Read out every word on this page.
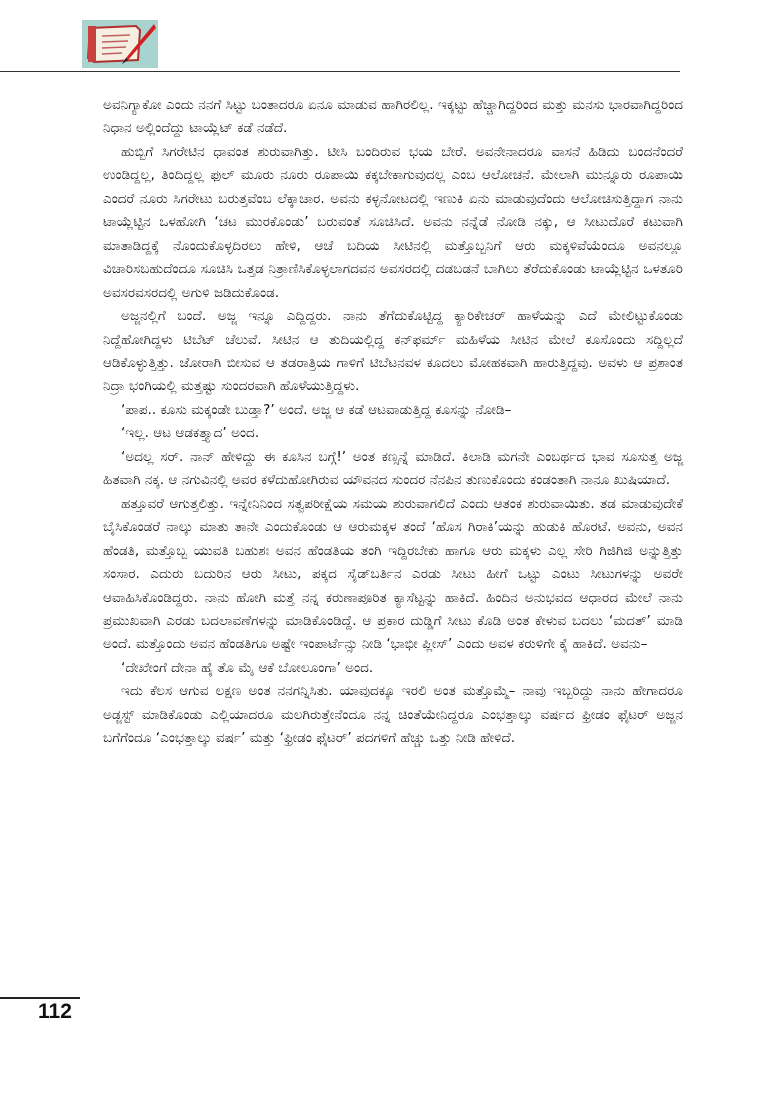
ಅವನಿಗ್ಯಾಕೋ ಎಂದು ನನಗೆ ಸಿಟ್ಟು ಬಂತಾದರೂ ಏನೂ ಮಾಡುವ ಹಾಗಿರಲಿಲ್ಲ. ಇಕ್ಕಟ್ಟು ಹೆಚ್ಚಾಗಿದ್ದರಿಂದ ಮತ್ತು ಮನಸು ಭಾರವಾಗಿದ್ದರಿಂದ ನಿಧಾನ ಅಲ್ಲಿಂದೆದ್ದು ಟಾಯ್ಲೆಟ್ ಕಡೆ ನಡೆದೆ.

ಹುಬ್ಬಿಗೆ ಸಿಗರೇಟಿನ ಧಾವಂತ ಶುರುವಾಗಿತ್ತು. ಟೀಸಿ ಬಂದಿರುವ ಭಯ ಬೇರೆ. ಅವನೇನಾದರೂ ವಾಸನೆ ಹಿಡಿದು ಬಂದನೆಂದರೆ ಉಂಡಿದ್ದಲ್ಲ, ತಿಂದಿದ್ದಲ್ಲ ಫುಲ್ ಮೂರು ನೂರು ರೂಪಾಯಿ ಕಕ್ಕಬೇಕಾಗುವುದಲ್ಲ ಎಂಬ ಆಲೋಚನೆ. ಮೇಲಾಗಿ ಮುನ್ನೂರು ರೂಪಾಯಿ ಎಂದರೆ ನೂರು ಸಿಗರೇಟು ಬರುತ್ತವೆಂಬ ಲೆಕ್ಕಾಚಾರ. ಅವನು ಕಳ್ಳನೋಟದಲ್ಲಿ ಇಣುಕಿ ಏನು ಮಾಡುವುದೆಂದು ಆಲೋಚಿಸುತ್ತಿದ್ದಾಗ ನಾನು ಟಾಯ್ಲೆಟ್ಟಿನ ಒಳಹೋಗಿ ‘ಚಟ ಮುರಕೊಂಡು’ ಬರುವಂತೆ ಸೂಚಿಸಿದೆ. ಅವನು ನನ್ನೆಡೆ ನೋಡಿ ನಕ್ಕು, ಆ ಸೀಟುದೊರೆ ಕಟುವಾಗಿ ಮಾತಾಡಿದ್ದಕ್ಕೆ ನೊಂದುಕೊಳ್ಳದಿರಲು ಹೇಳಿ, ಆಚೆ ಬದಿಯ ಸೀಟಿನಲ್ಲಿ ಮತ್ತೊಬ್ಬನಿಗೆ ಆರು ಮಕ್ಕಳಿವೆಯೆಂದೂ ಅವನಲ್ಲೂ ವಿಚಾರಿಸಬಹುದೆಂದೂ ಸೂಚಿಸಿ ಒತ್ತಡ ನಿತ್ರಾಣಿಸಿಕೊಳ್ಳಲಾಗದವನ ಅವಸರದಲ್ಲಿ ದಡಬಡನೆ ಬಾಗಿಲು ತೆರೆದುಕೊಂಡು ಟಾಯ್ಲೆಟ್ಟಿನ ಒಳತೂರಿ ಅವಸರವಸರದಲ್ಲಿ ಅಗುಳಿ ಜಡಿದುಕೊಂಡ.

ಅಜ್ಜನಲ್ಲಿಗೆ ಬಂದೆ. ಅಜ್ಜ ಇನ್ನೂ ಎದ್ದಿದ್ದರು. ನಾನು ತೆಗೆದುಕೊಟ್ಟಿದ್ದ ಕ್ಯಾರಿಕೇಚರ್ ಹಾಳೆಯನ್ನು ಎದೆ ಮೇಲಿಟ್ಟುಕೊಂಡು ನಿದ್ದೆಹೋಗಿದ್ದಳು ಟಿಬೆಟ್ ಚೆಲುವೆ. ಸೀಟಿನ ಆ ತುದಿಯಲ್ಲಿದ್ದ ಕನ್‌ಫರ್ಮ್ ಮಹಿಳೆಯ ಸೀಟಿನ ಮೇಲೆ ಕೂಸೊಂದು ಸದ್ದಿಲ್ಲದೆ ಆಡಿಕೊಳ್ಳುತ್ತಿತ್ತು. ಜೋರಾಗಿ ಬೀಸುವ ಆ ತಡರಾತ್ರಿಯ ಗಾಳಿಗೆ ಟಿಬೆಟನವಳ ಕೂದಲು ಮೋಹಕವಾಗಿ ಹಾರುತ್ತಿದ್ದವು. ಅವಳು ಆ ಪ್ರಶಾಂತ ನಿದ್ರಾ ಭಂಗಿಯಲ್ಲಿ ಮತ್ತಷ್ಟು ಸುಂದರವಾಗಿ ಹೊಳೆಯುತ್ತಿದ್ದಳು.

‘ಪಾಪ.. ಕೂಸು ಮಕ್ಕಂಡೇ ಬುಡ್ತಾ?’ ಅಂದೆ. ಅಜ್ಜ ಆ ಕಡೆ ಆಟವಾಡುತ್ತಿದ್ದ ಕೂಸನ್ನು ನೋಡಿ–

‘ಇಲ್ಲ. ಆಟ ಆಡಕತ್ತ್ಯಾದ’ ಅಂದ.

‘ಅದಲ್ಲ ಸರ್. ನಾನ್ ಹೇಳಿದ್ದು ಈ ಕೂಸಿನ ಬಗ್ಗೆ!’ ಅಂತ ಕಣ್ಸನ್ನೆ ಮಾಡಿದೆ. ಕಿಲಾಡಿ ಮಗನೇ ಎಂಬರ್ಥದ ಭಾವ ಸೂಸುತ್ತ ಅಜ್ಜ ಹಿತವಾಗಿ ನಕ್ಕ. ಆ ನಗುವಿನಲ್ಲಿ ಅವರ ಕಳೆದುಹೋಗಿರುವ ಯೌವನದ ಸುಂದರ ನೆನಪಿನ ತುಣುಕೊಂದು ಕಂಡಂತಾಗಿ ನಾನೂ ಖುಷಿಯಾದೆ.

ಹತ್ತೂವರೆ ಆಗುತ್ತಲಿತ್ತು. ಇನ್ನೇನಿನಿಂದ ಸತ್ವಪರೀಕ್ಷೆಯ ಸಮಯ ಶುರುವಾಗಲಿದೆ ಎಂದು ಆತಂಕ ಶುರುವಾಯಿತು. ತಡ ಮಾಡುವುದೇಕೆ ಬೈಸಿಕೊಂಡರೆ ನಾಲ್ಕು ಮಾತು ತಾನೇ ಎಂದುಕೊಂಡು ಆ ಆರುಮಕ್ಕಳ ತಂದೆ ‘ಹೊಸ ಗಿರಾಕಿ’ಯನ್ನು ಹುಡುಕಿ ಹೊರಟೆ. ಅವನು, ಅವನ ಹೆಂಡತಿ, ಮತ್ತೊಬ್ಬ ಯುವತಿ ಬಹುಶಃ ಅವನ ಹೆಂಡತಿಯ ತಂಗಿ ಇದ್ದಿರಬೇಕು ಹಾಗೂ ಆರು ಮಕ್ಕಳು ಎಲ್ಲ ಸೇರಿ ಗಿಜಿಗಿಜಿ ಅನ್ನುತ್ತಿತ್ತು ಸಂಸಾರ. ಎದುರು ಬದುರಿನ ಆರು ಸೀಟು, ಪಕ್ಕದ ಸೈಡ್‌ಬರ್ತಿನ ಎರಡು ಸೀಟು ಹೀಗೆ ಒಟ್ಟು ಎಂಟು ಸೀಟುಗಳನ್ನು ಅವರೇ ಆವಾಹಿಸಿಕೊಂಡಿದ್ದರು. ನಾನು ಹೋಗಿ ಮತ್ತೆ ನನ್ನ ಕರುಣಾಪೂರಿತ ಕ್ಯಾಸೆಟ್ಟನ್ನು ಹಾಕಿದೆ. ಹಿಂದಿನ ಅನುಭವದ ಆಧಾರದ ಮೇಲೆ ನಾನು ಪ್ರಮುಖವಾಗಿ ಎರಡು ಬದಲಾವಣೆಗಳನ್ನು ಮಾಡಿಕೊಂಡಿದ್ದೆ. ಆ ಪ್ರಕಾರ ದುಡ್ಡಿಗೆ ಸೀಟು ಕೊಡಿ ಅಂತ ಕೇಳುವ ಬದಲು ‘ಮದತ್’ ಮಾಡಿ ಅಂದೆ. ಮತ್ತೊಂದು ಅವನ ಹೆಂಡತಿಗೂ ಅಷ್ಟೇ ಇಂಪಾರ್ಟೆನ್ಸು ನೀಡಿ ‘ಭಾಭೀ ಪ್ಲೀಸ್’ ಎಂದು ಅವಳ ಕರುಳಿಗೇ ಕೈ ಹಾಕಿದೆ. ಅವನು–

‘ದೇಖೇಂಗೆ ದೇನಾ ಹೈ ತೊ ಮೈ ಆಕೆ ಬೋಲೂಂಗಾ’ ಅಂದ.

ಇದು ಕೆಲಸ ಆಗುವ ಲಕ್ಷಣ ಅಂತ ನನಗನ್ನಿಸಿತು. ಯಾವುದಕ್ಕೂ ಇರಲಿ ಅಂತ ಮತ್ತೊಮ್ಮೆ– ನಾವು ಇಬ್ಬರಿದ್ದು ನಾನು ಹೇಗಾದರೂ ಅಡ್ಜಸ್ಟ್ ಮಾಡಿಕೊಂಡು ಎಲ್ಲಿಯಾದರೂ ಮಲಗಿರುತ್ತೇನೆಂದೂ ನನ್ನ ಚಿಂತೆಯೇನಿದ್ದರೂ ಎಂಭತ್ತಾಲ್ಕು ವರ್ಷದ ಫ್ರೀಡಂ ಫೈಟರ್ ಅಜ್ಜನ ಬಗೆಗೆಂದೂ ‘ಎಂಭತ್ತಾಲ್ಕು ವರ್ಷ’ ಮತ್ತು ‘ಫ್ರೀಡಂ ಫೈಟರ್’ ಪದಗಳಿಗೆ ಹೆಚ್ಚು ಒತ್ತು ನೀಡಿ ಹೇಳಿದೆ.

112
